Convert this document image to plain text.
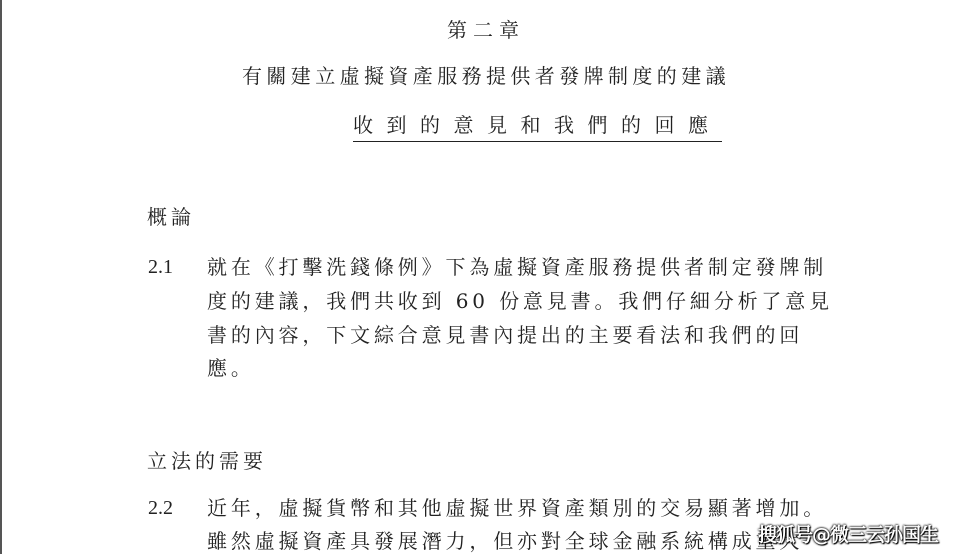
第二章
有關建立虛擬資產服務提供者發牌制度的建議
收到的意見和我們的回應
概論
2.1 就在《打擊洗錢條例》下為虛擬資產服務提供者制定發牌制
度的建議，我們共收到 60 份意見書。我們仔細分析了意見
書的內容，下文綜合意見書內提出的主要看法和我們的回
應。
立法的需要
2.2 近年，虛擬貨幣和其他虛擬世界資產類別的交易顯著增加。
雖然虛擬資產具發展潛力，但亦對全球金融系統構成重大
搜狐号@微三云孙国生
